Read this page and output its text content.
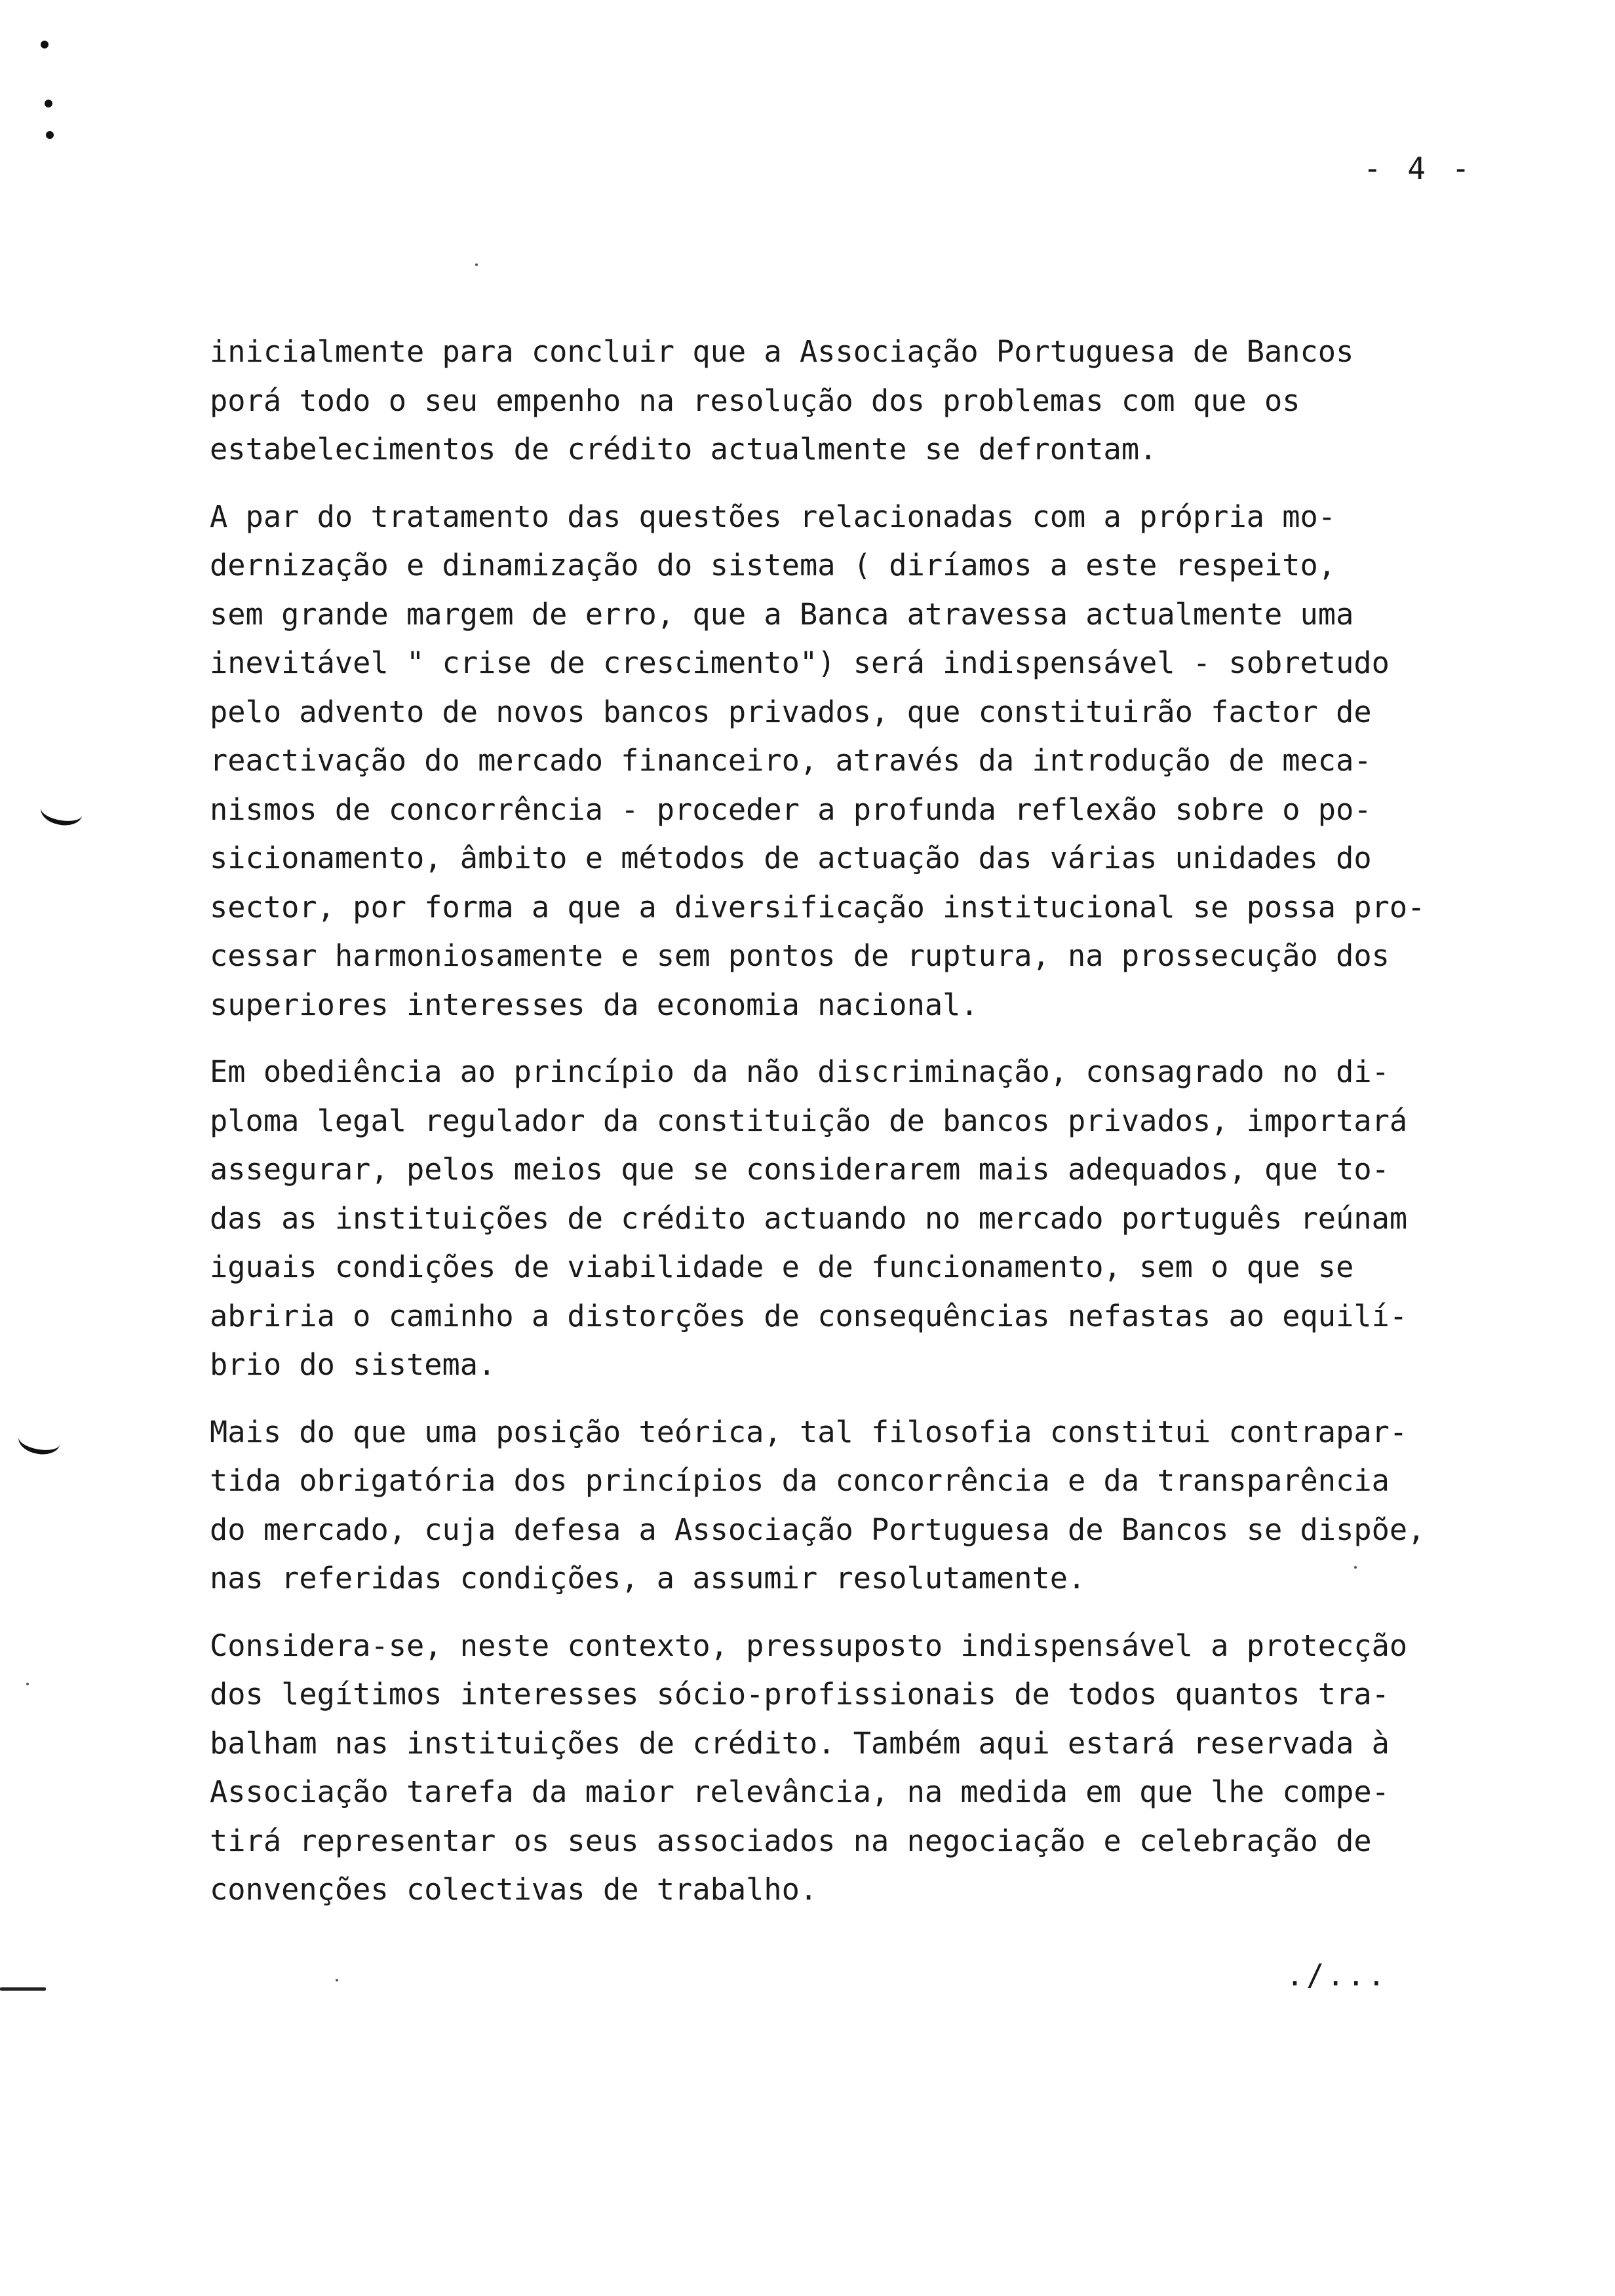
- 4 -
inicialmente para concluir que a Associação Portuguesa de Bancos
porá todo o seu empenho na resolução dos problemas com que os
estabelecimentos de crédito actualmente se defrontam.
A par do tratamento das questões relacionadas com a própria mo-
dernização e dinamização do sistema ( diríamos a este respeito,
sem grande margem de erro, que a Banca atravessa actualmente uma
inevitável " crise de crescimento") será indispensável - sobretudo
pelo advento de novos bancos privados, que constituirão factor de
reactivação do mercado financeiro, através da introdução de meca-
nismos de concorrência - proceder a profunda reflexão sobre o po-
sicionamento, âmbito e métodos de actuação das várias unidades do
sector, por forma a que a diversificação institucional se possa pro-
cessar harmoniosamente e sem pontos de ruptura, na prossecução dos
superiores interesses da economia nacional.
Em obediência ao princípio da não discriminação, consagrado no di-
ploma legal regulador da constituição de bancos privados, importará
assegurar, pelos meios que se considerarem mais adequados, que to-
das as instituições de crédito actuando no mercado português reúnam
iguais condições de viabilidade e de funcionamento, sem o que se
abriria o caminho a distorções de consequências nefastas ao equilí-
brio do sistema.
Mais do que uma posição teórica, tal filosofia constitui contrapar-
tida obrigatória dos princípios da concorrência e da transparência
do mercado, cuja defesa a Associação Portuguesa de Bancos se dispõe,
nas referidas condições, a assumir resolutamente.
Considera-se, neste contexto, pressuposto indispensável a protecção
dos legítimos interesses sócio-profissionais de todos quantos tra-
balham nas instituições de crédito. Também aqui estará reservada à
Associação tarefa da maior relevância, na medida em que lhe compe-
tirá representar os seus associados na negociação e celebração de
convenções colectivas de trabalho.
./...
